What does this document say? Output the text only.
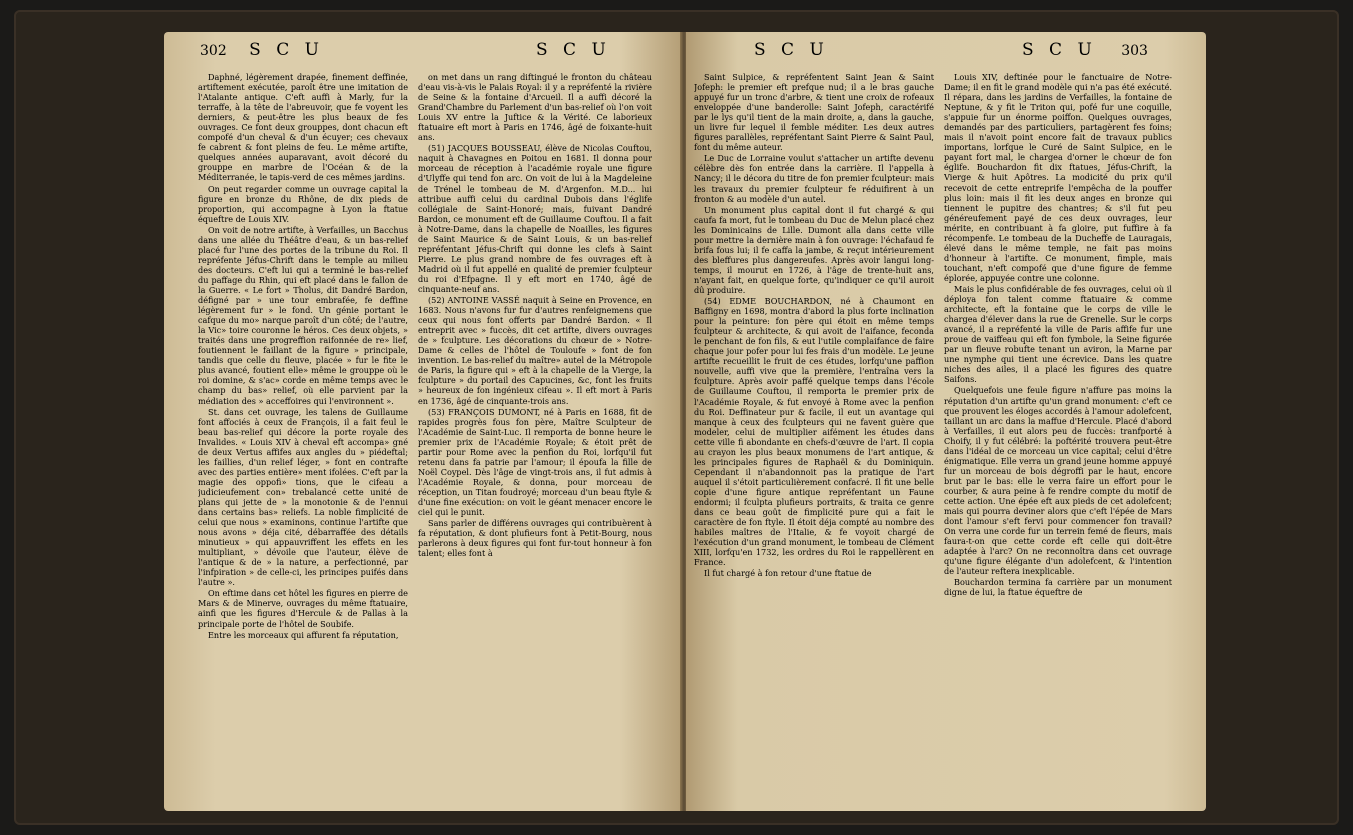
302 S C U	S C U	S C U	S C U 303

Daphné, légèrement drapée, finement deffinée, artiftement exécutée, paroît être une imitation de l'Atalante antique. C'eft auffi à Marly, fur la terraffe, à la tête de l'abreuvoir, que fe voyent les derniers, & peut-être les plus beaux de fes ouvrages. Ce font deux grouppes, dont chacun eft compofé d'un cheval & d'un écuyer; ces chevaux fe cabrent & font pleins de feu. Le même artifte, quelques années auparavant, avoit décoré du grouppe en marbre de l'Océan & de la Méditerranée, le tapis-verd de ces mêmes jardins.

On peut regarder comme un ouvrage capital la figure en bronze du Rhône, de dix pieds de proportion, qui accompagne à Lyon la ftatue équeftre de Louis XIV.

On voit de notre artifte, à Verfailles, un Bacchus dans une allée du Théâtre d'eau, & un bas-relief placé fur l'une des portes de la tribune du Roi. Il repréfente Jéfus-Chrift dans le temple au milieu des docteurs. C'eft lui qui a terminé le bas-relief du paffage du Rhin, qui eft placé dans le fallon de la Guerre. « Le fort » Tholus, dit Dandré Bardon, défigné par » une tour embrafée, fe deffine légèrement fur » le fond. Un génie portant le cafque du mo» narque paroît d'un côté; de l'autre, la Vic» toire couronne le héros. Ces deux objets, » traités dans une progreffion raifonnée de re» lief, foutiennent le faillant de la figure » principale, tandis que celle du fleuve, placée » fur le fite le plus avancé, foutient elle» même le grouppe où le roi domine, & s'ac» corde en même temps avec le champ du bas» relief, où elle parvient par la médiation des » acceffoires qui l'environnent ».

St. dans cet ouvrage, les talens de Guillaume font affociés à ceux de François, il a fait feul le beau bas-relief qui décore la porte royale des Invalides. « Louis XIV à cheval eft accompa» gné de deux Vertus affifes aux angles du » piédeftal; les faillies, d'un relief léger, » font en contrafte avec des parties entière» ment ifolées. C'eft par la magie des oppofi» tions, que le cifeau a judicieufement con» trebalancé cette unité de plans qui jette de » la monotonie & de l'ennui dans certains bas» reliefs. La noble fimplicité de celui que nous » examinons, continue l'artifte que nous avons » déja cité, débarraffée des détails minutieux » qui appauvriffent les effets en les multipliant, » dévoile que l'auteur, élève de l'antique & de » la nature, a perfectionné, par l'infpiration » de celle-ci, les principes puifés dans l'autre ».

On eftime dans cet hôtel les figures en pierre de Mars & de Minerve, ouvrages du même ftatuaire, ainfi que les figures d'Hercule & de Pallas à la principale porte de l'hôtel de Soubife.

Entre les morceaux qui affurent fa réputation,

on met dans un rang diftingué le fronton du château d'eau vis-à-vis le Palais Royal: il y a repréfenté la rivière de Seine & la fontaine d'Arcueil. Il a auffi décoré la Grand'Chambre du Parlement d'un bas-relief où l'on voit Louis XV entre la Juftice & la Vérité. Ce laborieux ftatuaire eft mort à Paris en 1746, âgé de foixante-huit ans.

(51) JACQUES BOUSSEAU, élève de Nicolas Couftou, naquit à Chavagnes en Poitou en 1681. Il donna pour morceau de réception à l'académie royale une figure d'Ulyffe qui tend fon arc. On voit de lui à la Magdeleine de Trénel le tombeau de M. d'Argenfon. M.D... lui attribue auffi celui du cardinal Dubois dans l'églife collégiale de Saint-Honoré; mais, fuivant Dandré Bardon, ce monument eft de Guillaume Couftou. Il a fait à Notre-Dame, dans la chapelle de Noailles, les figures de Saint Maurice & de Saint Louis, & un bas-relief repréfentant Jéfus-Chrift qui donne les clefs à Saint Pierre. Le plus grand nombre de fes ouvrages eft à Madrid où il fut appellé en qualité de premier fculpteur du roi d'Efpagne. Il y eft mort en 1740, âgé de cinquante-neuf ans.

(52) ANTOINE VASSÉ naquit à Seine en Provence, en 1683. Nous n'avons fur fur d'autres renfeignemens que ceux qui nous font offerts par Dandré Bardon. « Il entreprit avec » fuccès, dit cet artifte, divers ouvrages de » fculpture. Les décorations du chœur de » Notre-Dame & celles de l'hôtel de Touloufe » font de fon invention. Le bas-relief du maître» autel de la Métropole de Paris, la figure qui » eft à la chapelle de la Vierge, la fculpture » du portail des Capucines, &c, font les fruits » heureux de fon ingénieux cifeau ». Il eft mort à Paris en 1736, âgé de cinquante-trois ans.

(53) FRANÇOIS DUMONT, né à Paris en 1688, fit de rapides progrès fous fon père, Maître Sculpteur de l'Académie de Saint-Luc. Il remporta de bonne heure le premier prix de l'Académie Royale; & étoit prêt de partir pour Rome avec la penfion du Roi, lorfqu'il fut retenu dans fa patrie par l'amour; il époufa la fille de Noël Coypel. Dès l'âge de vingt-trois ans, il fut admis à l'Académie Royale, & donna, pour morceau de réception, un Titan foudroyé; morceau d'un beau ftyle & d'une fine exécution: on voit le géant menacer encore le ciel qui le punit.

Sans parler de différens ouvrages qui contribuèrent à fa réputation, & dont plufieurs font à Petit-Bourg, nous parlerons à deux figures qui font fur-tout honneur à fon talent; elles font à

Saint Sulpice, & repréfentent Saint Jean & Saint Jofeph: le premier eft prefque nud; il a le bras gauche appuyé fur un tronc d'arbre, & tient une croix de rofeaux enveloppée d'une banderolle: Saint Jofeph, caractérifé par le lys qu'il tient de la main droite, a, dans la gauche, un livre fur lequel il femble méditer. Les deux autres figures parallèles, repréfentant Saint Pierre & Saint Paul, font du même auteur.

Le Duc de Lorraine voulut s'attacher un artifte devenu célèbre dès fon entrée dans la carrière. Il l'appella à Nancy; il le décora du titre de fon premier fculpteur: mais les travaux du premier fculpteur fe réduifirent à un fronton & au modèle d'un autel.

Un monument plus capital dont il fut chargé & qui caufa fa mort, fut le tombeau du Duc de Melun placé chez les Dominicains de Lille. Dumont alla dans cette ville pour mettre la dernière main à fon ouvrage: l'échafaud fe brifa fous lui; il fe caffa la jambe, & reçut intérieurement des bleffures plus dangereufes. Après avoir langui long-temps, il mourut en 1726, à l'âge de trente-huit ans, n'ayant fait, en quelque forte, qu'indiquer ce qu'il auroit dû produire.

(54) EDME BOUCHARDON, né à Chaumont en Baffigny en 1698, montra d'abord la plus forte inclination pour la peinture: fon père qui étoit en même temps fculpteur & architecte, & qui avoit de l'aifance, fecondа le penchant de fon fils, & eut l'utile complaifance de faire chaque jour pofer pour lui fes frais d'un modèle. Le jeune artifte recueillit le fruit de ces études, lorfqu'une paffion nouvelle, auffi vive que la première, l'entraîna vers la fculpture. Après avoir paffé quelque temps dans l'école de Guillaume Couftou, il remporta le premier prix de l'Académie Royale, & fut envoyé à Rome avec la penfion du Roi. Deffinateur pur & facile, il eut un avantage qui manque à ceux des fculpteurs qui ne favent guère que modeler, celui de multiplier aifément les études dans cette ville fi abondante en chefs-d'œuvre de l'art. Il copia au crayon les plus beaux monumens de l'art antique, & les principales figures de Raphaël & du Dominiquin. Cependant il n'abandonnoit pas la pratique de l'art auquel il s'étoit particulièrement confacré. Il fit une belle copie d'une figure antique repréfentant un Faune endormi; il fculpta plufieurs portraits, & traita ce genre dans ce beau goût de fimplicité pure qui a fait le caractère de fon ftyle. Il étoit déja compté au nombre des habiles maîtres de l'Italie, & fe voyoit chargé de l'exécution d'un grand monument, le tombeau de Clément XIII, lorfqu'en 1732, les ordres du Roi le rappellèrent en France.

Il fut chargé à fon retour d'une ftatue de

Louis XIV, deftinée pour le fanctuaire de Notre-Dame; il en fit le grand modèle qui n'a pas été exécuté. Il répara, dans les jardins de Verfailles, la fontaine de Neptune, & y fit le Triton qui, pofé fur une coquille, s'appuie fur un énorme poiffon. Quelques ouvrages, demandés par des particuliers, partagèrent fes foins; mais il n'avoit point encore fait de travaux publics importans, lorfque le Curé de Saint Sulpice, en le payant fort mal, le chargea d'orner le chœur de fon églife. Bouchardon fit dix ftatues, Jéfus-Chrift, la Vierge & huit Apôtres. La modicité du prix qu'il recevoit de cette entreprife l'empêcha de la pouffer plus loin: mais il fit les deux anges en bronze qui tiennent le pupitre des chantres; & s'il fut peu généreufement payé de ces deux ouvrages, leur mérite, en contribuant à fa gloire, put fuffire à fa récompenfe. Le tombeau de la Ducheffe de Lauragais, élevé dans le même temple, ne fait pas moins d'honneur à l'artifte. Ce monument, fimple, mais touchant, n'eft compofé que d'une figure de femme éplorée, appuyée contre une colonne.

Mais le plus confidérable de fes ouvrages, celui où il déploya fon talent comme ftatuaire & comme architecte, eft la fontaine que le corps de ville le chargea d'élever dans la rue de Grenelle. Sur le corps avancé, il a repréfenté la ville de Paris affife fur une proue de vaiffeau qui eft fon fymbole, la Seine figurée par un fleuve robufte tenant un aviron, la Marne par une nymphe qui tient une écrevice. Dans les quatre niches des ailes, il a placé les figures des quatre Saifons.

Quelquefois une feule figure n'affure pas moins la réputation d'un artifte qu'un grand monument: c'eft ce que prouvent les éloges accordés à l'amour adolefcent, taillant un arc dans la maffue d'Hercule. Placé d'abord à Verfailles, il eut alors peu de fuccès: tranfporté à Choify, il y fut célébré: la poftérité trouvera peut-être dans l'idéal de ce morceau un vice capital; celui d'être énigmatique. Elle verra un grand jeune homme appuyé fur un morceau de bois dégroffi par le haut, encore brut par le bas: elle le verra faire un effort pour le courber, & aura peine à fe rendre compte du motif de cette action. Une épée eft aux pieds de cet adolefcent; mais qui pourra deviner alors que c'eft l'épée de Mars dont l'amour s'eft fervi pour commencer fon travail? On verra une corde fur un terrein femé de fleurs, mais faura-t-on que cette corde eft celle qui doit-être adaptée à l'arc? On ne reconnoîtra dans cet ouvrage qu'une figure élégante d'un adolefcent, & l'intention de l'auteur reftera inexplicable.

Bouchardon termina fa carrière par un monument digne de lui, la ftatue équeftre de
